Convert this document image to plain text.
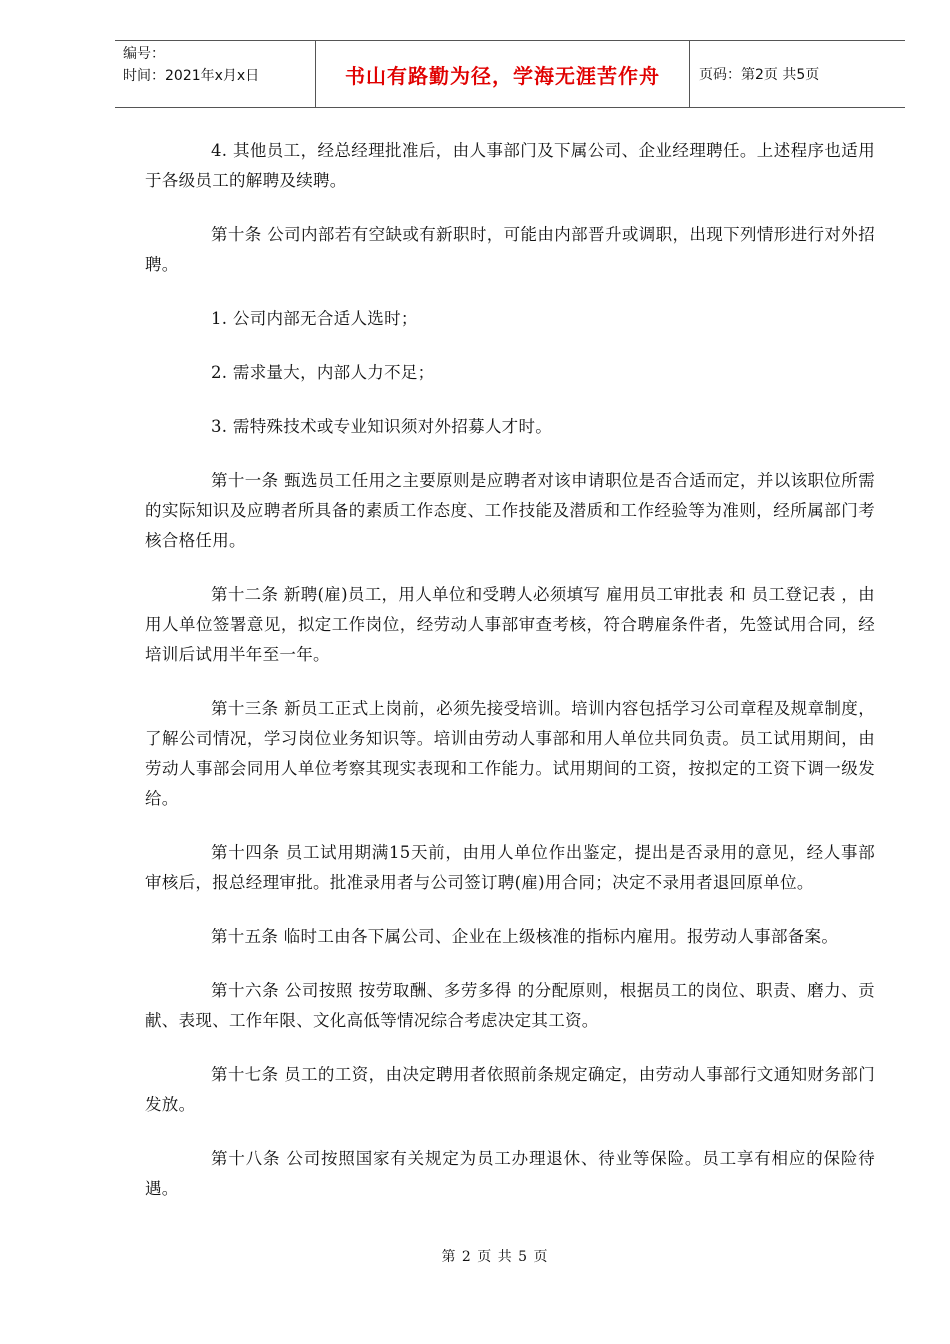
编号：
时间：2021年x月x日	书山有路勤为径，学海无涯苦作舟	页码：第2页 共5页

4. 其他员工，经总经理批准后，由人事部门及下属公司、企业经理聘任。上述程序也适用于各级员工的解聘及续聘。

第十条 公司内部若有空缺或有新职时，可能由内部晋升或调职，出现下列情形进行对外招聘。

1. 公司内部无合适人选时；

2. 需求量大，内部人力不足；

3. 需特殊技术或专业知识须对外招募人才时。

第十一条 甄选员工任用之主要原则是应聘者对该申请职位是否合适而定，并以该职位所需的实际知识及应聘者所具备的素质工作态度、工作技能及潜质和工作经验等为准则，经所属部门考核合格任用。

第十二条 新聘(雇)员工，用人单位和受聘人必须填写 雇用员工审批表 和 员工登记表 ，由用人单位签署意见，拟定工作岗位，经劳动人事部审查考核，符合聘雇条件者，先签试用合同，经培训后试用半年至一年。

第十三条 新员工正式上岗前，必须先接受培训。培训内容包括学习公司章程及规章制度，了解公司情况，学习岗位业务知识等。培训由劳动人事部和用人单位共同负责。员工试用期间，由劳动人事部会同用人单位考察其现实表现和工作能力。试用期间的工资，按拟定的工资下调一级发给。

第十四条 员工试用期满15天前，由用人单位作出鉴定，提出是否录用的意见，经人事部审核后，报总经理审批。批准录用者与公司签订聘(雇)用合同；决定不录用者退回原单位。

第十五条 临时工由各下属公司、企业在上级核准的指标内雇用。报劳动人事部备案。

第十六条 公司按照 按劳取酬、多劳多得 的分配原则，根据员工的岗位、职责、磨力、贡献、表现、工作年限、文化高低等情况综合考虑决定其工资。

第十七条 员工的工资，由决定聘用者依照前条规定确定，由劳动人事部行文通知财务部门发放。

第十八条 公司按照国家有关规定为员工办理退休、待业等保险。员工享有相应的保险待遇。

第 2 页 共 5 页
